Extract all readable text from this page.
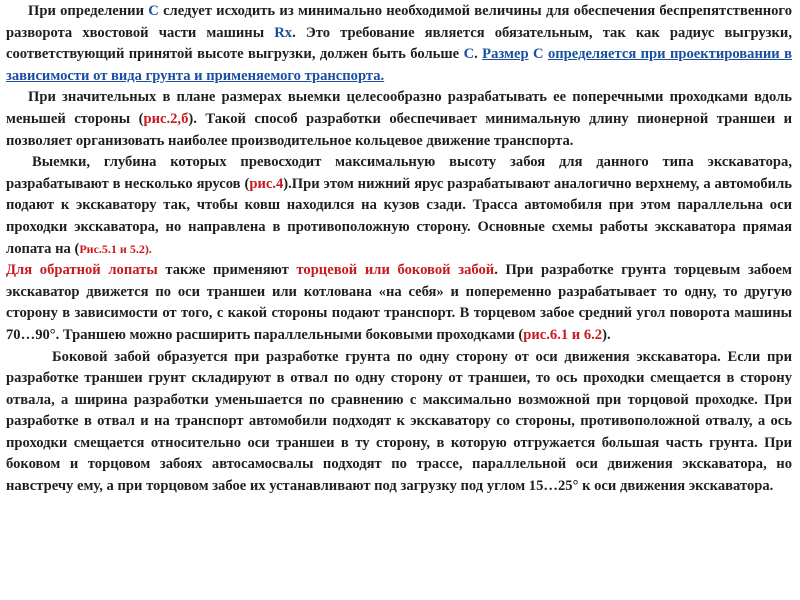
При определении С следует исходить из минимально необходимой величины для обеспечения беспрепятственного разворота хвостовой части машины Rх. Это требование является обязательным, так как радиус выгрузки, соответствующий принятой высоте выгрузки, должен быть больше С. Размер С определяется при проектировании в зависимости от вида грунта и применяемого транспорта.

При значительных в плане размерах выемки целесообразно разрабатывать ее поперечными проходками вдоль меньшей стороны (рис.2,б). Такой способ разработки обеспечивает минимальную длину пионерной траншеи и позволяет организовать наиболее производительное кольцевое движение транспорта.

Выемки, глубина которых превосходит максимальную высоту забоя для данного типа экскаватора, разрабатывают в несколько ярусов (рис.4).При этом нижний ярус разрабатывают аналогично верхнему, а автомобиль подают к экскаватору так, чтобы ковш находился на кузов сзади. Трасса автомобиля при этом параллельна оси проходки экскаватора, но направлена в противоположную сторону. Основные схемы работы экскаватора прямая лопата на (Рис.5.1 и 5.2).

Для обратной лопаты также применяют торцевой или боковой забой. При разработке грунта торцевым забоем экскаватор движется по оси траншеи или котлована «на себя» и попеременно разрабатывает то одну, то другую сторону в зависимости от того, с какой стороны подают транспорт. В торцевом забое средний угол поворота машины 70…90°. Траншею можно расширить параллельными боковыми проходками (рис.6.1 и 6.2).

Боковой забой образуется при разработке грунта по одну сторону от оси движения экскаватора. Если при разработке траншеи грунт складируют в отвал по одну сторону от траншеи, то ось проходки смещается в сторону отвала, а ширина разработки уменьшается по сравнению с максимально возможной при торцовой проходке. При разработке в отвал и на транспорт автомобили подходят к экскаватору со стороны, противоположной отвалу, а ось проходки смещается относительно оси траншеи в ту сторону, в которую отгружается большая часть грунта. При боковом и торцовом забоях автосамосвалы подходят по трассе, параллельной оси движения экскаватора, но навстречу ему, а при торцовом забое их устанавливают под загрузку под углом 15…25° к оси движения экскаватора.
